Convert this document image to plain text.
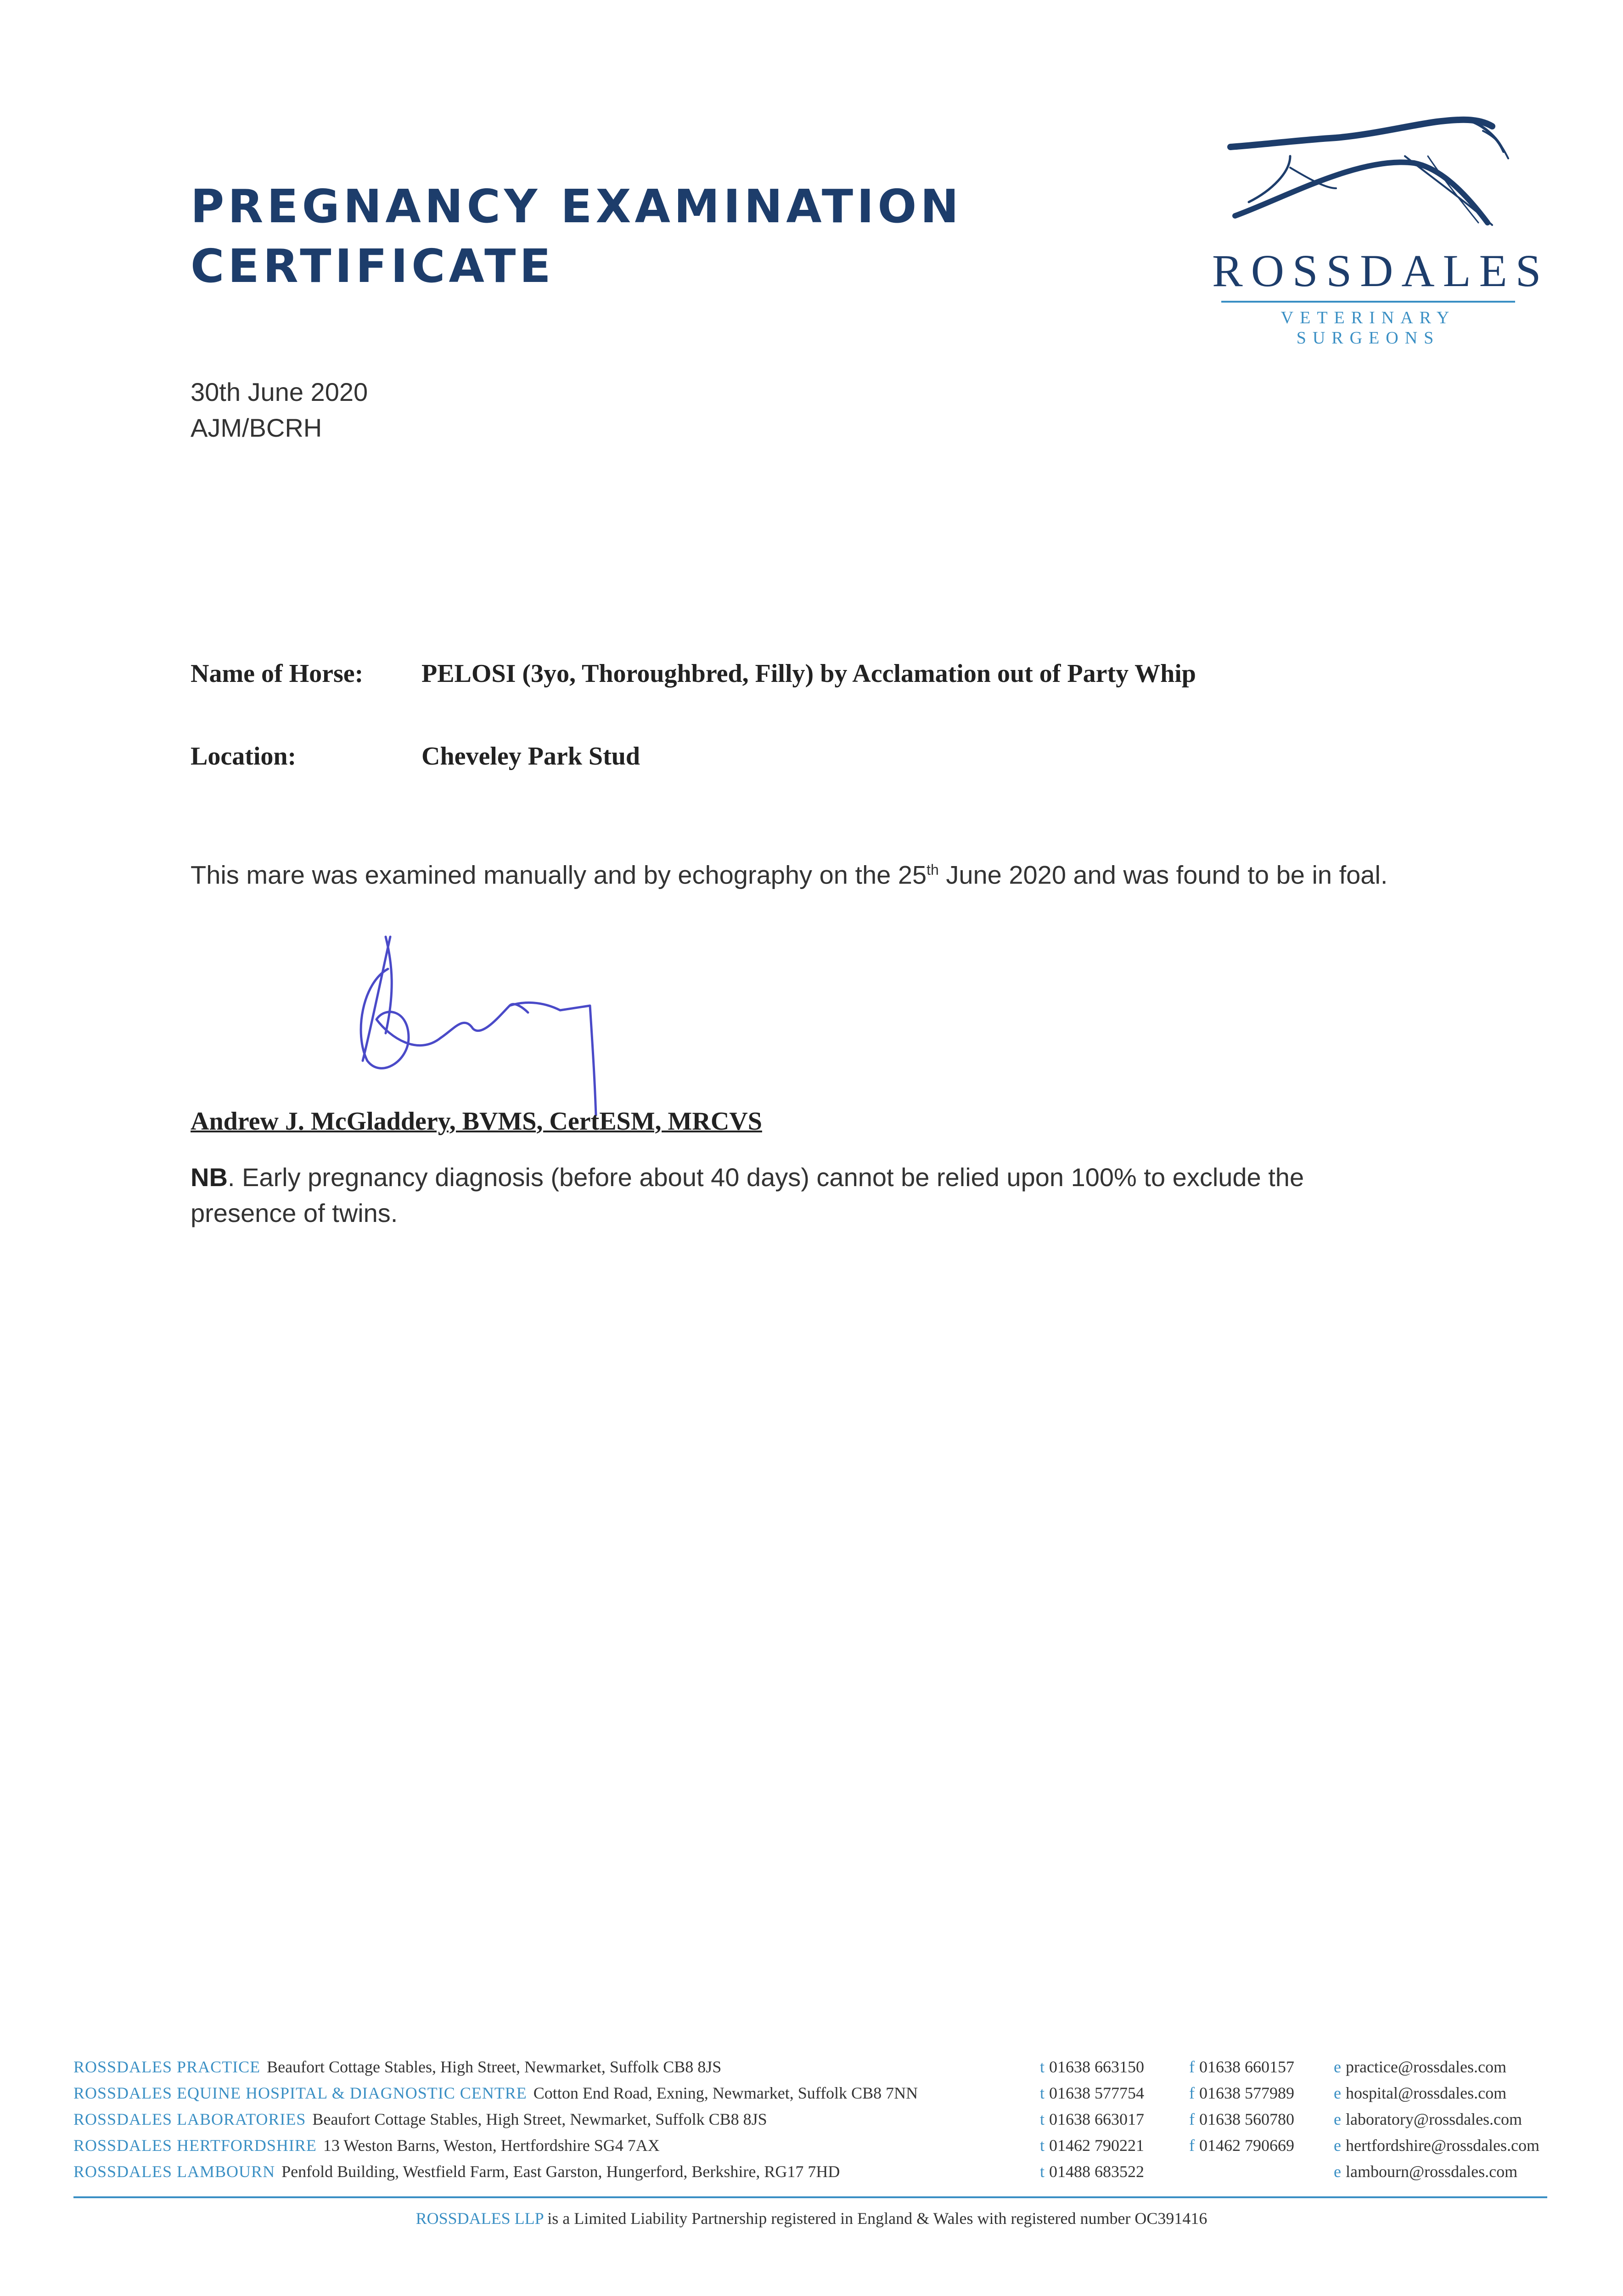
PREGNANCY EXAMINATION
CERTIFICATE	ROSSDALES
VETERINARY SURGEONS
30th June 2020
AJM/BCRH
Name of Horse: PELOSI (3yo, Thoroughbred, Filly) by Acclamation out of Party Whip
Location:	Cheveley Park Stud
This mare was examined manually and by echography on the 25th June 2020 and was found to be in foal.
Andrew J. McGladdery, BVMS, CertESM, MRCVS
NB. Early pregnancy diagnosis (before about 40 days) cannot be relied upon 100% to exclude the presence of twins.
ROSSDALES PRACTICE Beaufort Cottage Stables, High Street, Newmarket, Suffolk CB8 8JS	t 01638 663150	f 01638 660157 e practice@rossdales.com
ROSSDALES EQUINE HOSPITAL & DIAGNOSTIC CENTRE Cotton End Road, Exning, Newmarket, Suffolk CB8 7NN	t 01638 577754	f 01638 577989 e hospital@rossdales.com
ROSSDALES LABORATORIES Beaufort Cottage Stables, High Street, Newmarket, Suffolk CB8 8JS	t 01638 663017	f 01638 560780 e laboratory@rossdales.com
ROSSDALES HERTFORDSHIRE 13 Weston Barns, Weston, Hertfordshire SG4 7AX	t 01462 790221	f 01462 790669 e hertfordshire@rossdales.com
ROSSDALES LAMBOURN Penfold Building, Westfield Farm, East Garston, Hungerford, Berkshire, RG17 7HD	t 01488 683522	e lambourn@rossdales.com
ROSSDALES LLP is a Limited Liability Partnership registered in England & Wales with registered number OC391416
